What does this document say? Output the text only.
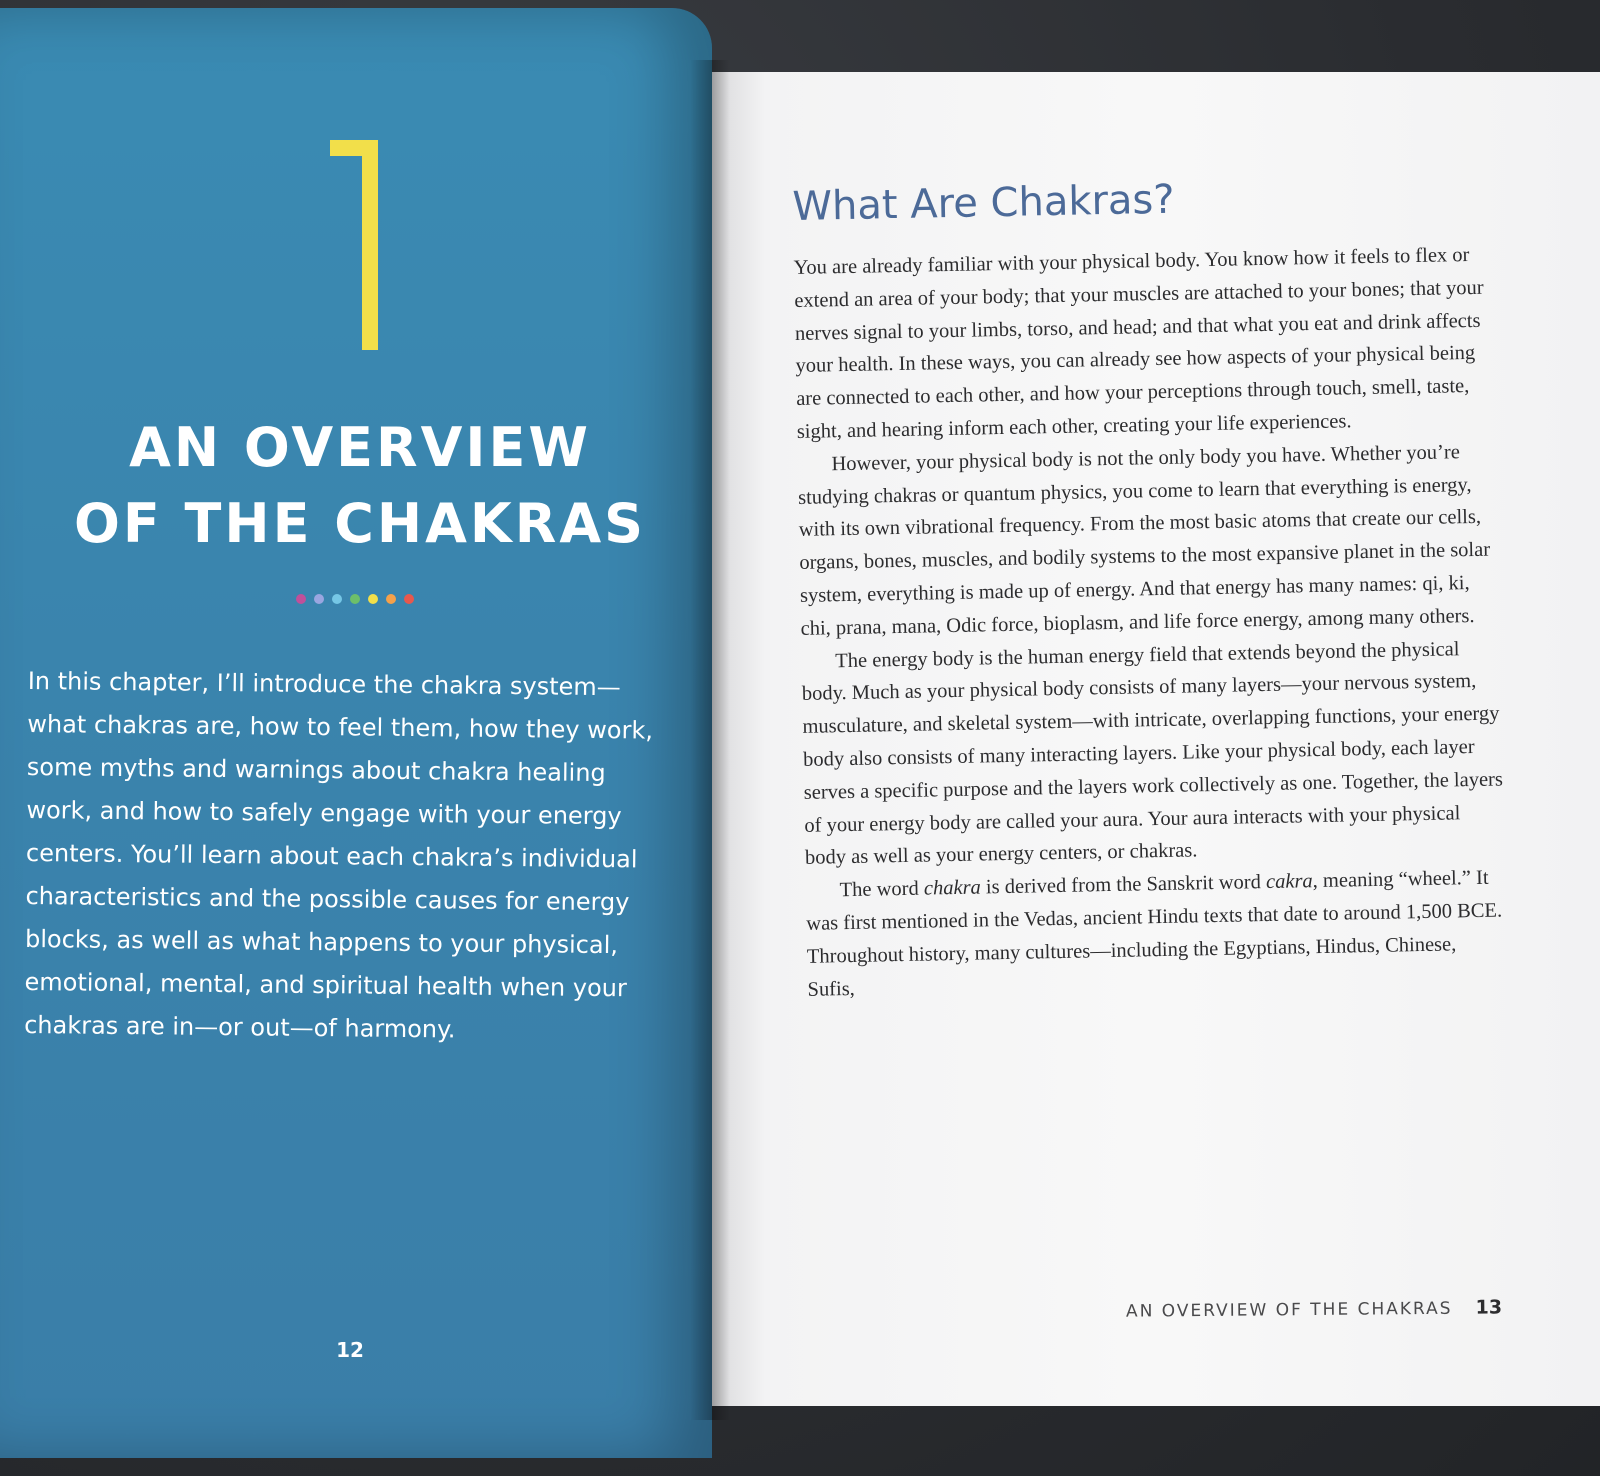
AN OVERVIEW
OF THE CHAKRAS

In this chapter, I’ll introduce the chakra system—what chakras are, how to feel them, how they work, some myths and warnings about chakra healing work, and how to safely engage with your energy centers. You’ll learn about each chakra’s individual characteristics and the possible causes for energy blocks, as well as what happens to your physical, emotional, mental, and spiritual health when your chakras are in—or out—of harmony.

12
What Are Chakras?

You are already familiar with your physical body. You know how it feels to flex or extend an area of your body; that your muscles are attached to your bones; that your nerves signal to your limbs, torso, and head; and that what you eat and drink affects your health. In these ways, you can already see how aspects of your physical being are connected to each other, and how your perceptions through touch, smell, taste, sight, and hearing inform each other, creating your life experiences.

However, your physical body is not the only body you have. Whether you’re studying chakras or quantum physics, you come to learn that everything is energy, with its own vibrational frequency. From the most basic atoms that create our cells, organs, bones, muscles, and bodily systems to the most expansive planet in the solar system, everything is made up of energy. And that energy has many names: qi, ki, chi, prana, mana, Odic force, bioplasm, and life force energy, among many others.

The energy body is the human energy field that extends beyond the physical body. Much as your physical body consists of many layers—your nervous system, musculature, and skeletal system—with intricate, overlapping functions, your energy body also consists of many interacting layers. Like your physical body, each layer serves a specific purpose and the layers work collectively as one. Together, the layers of your energy body are called your aura. Your aura interacts with your physical body as well as your energy centers, or chakras.

The word chakra is derived from the Sanskrit word cakra, meaning “wheel.” It was first mentioned in the Vedas, ancient Hindu texts that date to around 1,500 BCE. Throughout history, many cultures—including the Egyptians, Hindus, Chinese, Sufis,

AN OVERVIEW OF THE CHAKRAS 13
